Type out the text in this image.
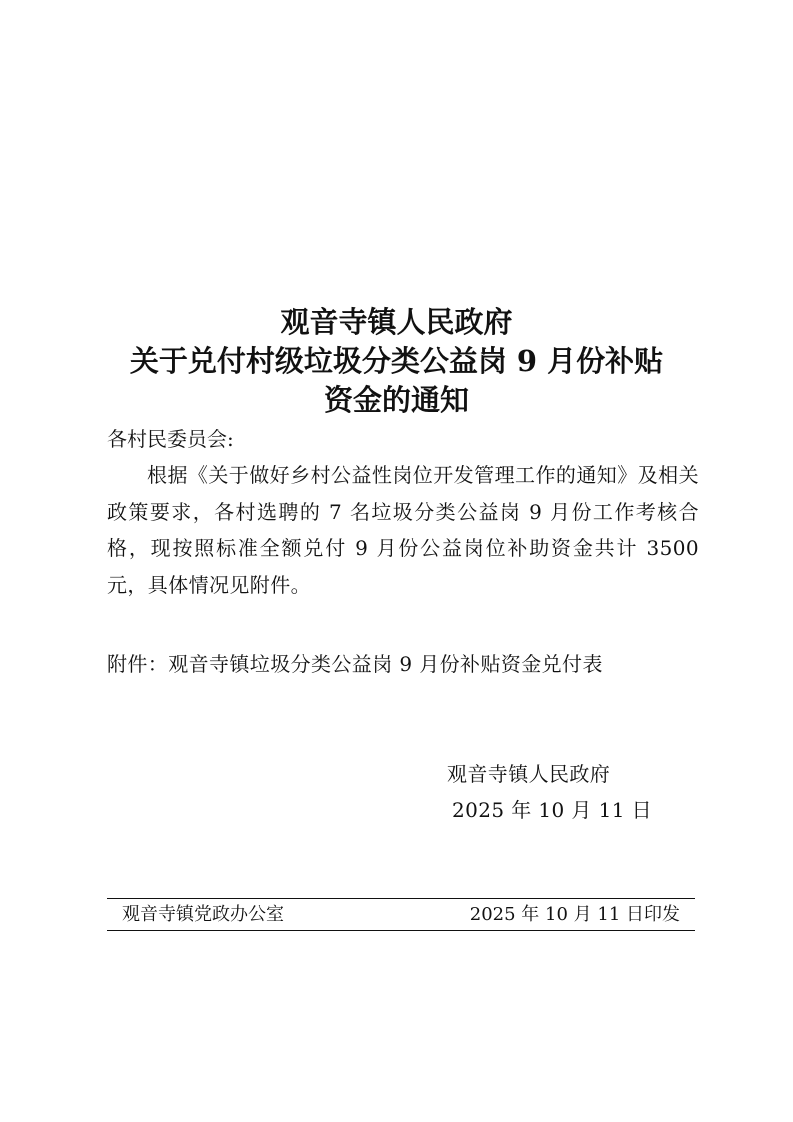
观音寺镇人民政府
关于兑付村级垃圾分类公益岗 9 月份补贴
资金的通知

各村民委员会:

根据《关于做好乡村公益性岗位开发管理工作的通知》及相关政策要求，各村选聘的 7 名垃圾分类公益岗 9 月份工作考核合格，现按照标准全额兑付 9 月份公益岗位补助资金共计 3500 元，具体情况见附件。

附件：观音寺镇垃圾分类公益岗 9 月份补贴资金兑付表

观音寺镇人民政府

2025 年 10 月 11 日

观音寺镇党政办公室	2025 年 10 月 11 日印发
